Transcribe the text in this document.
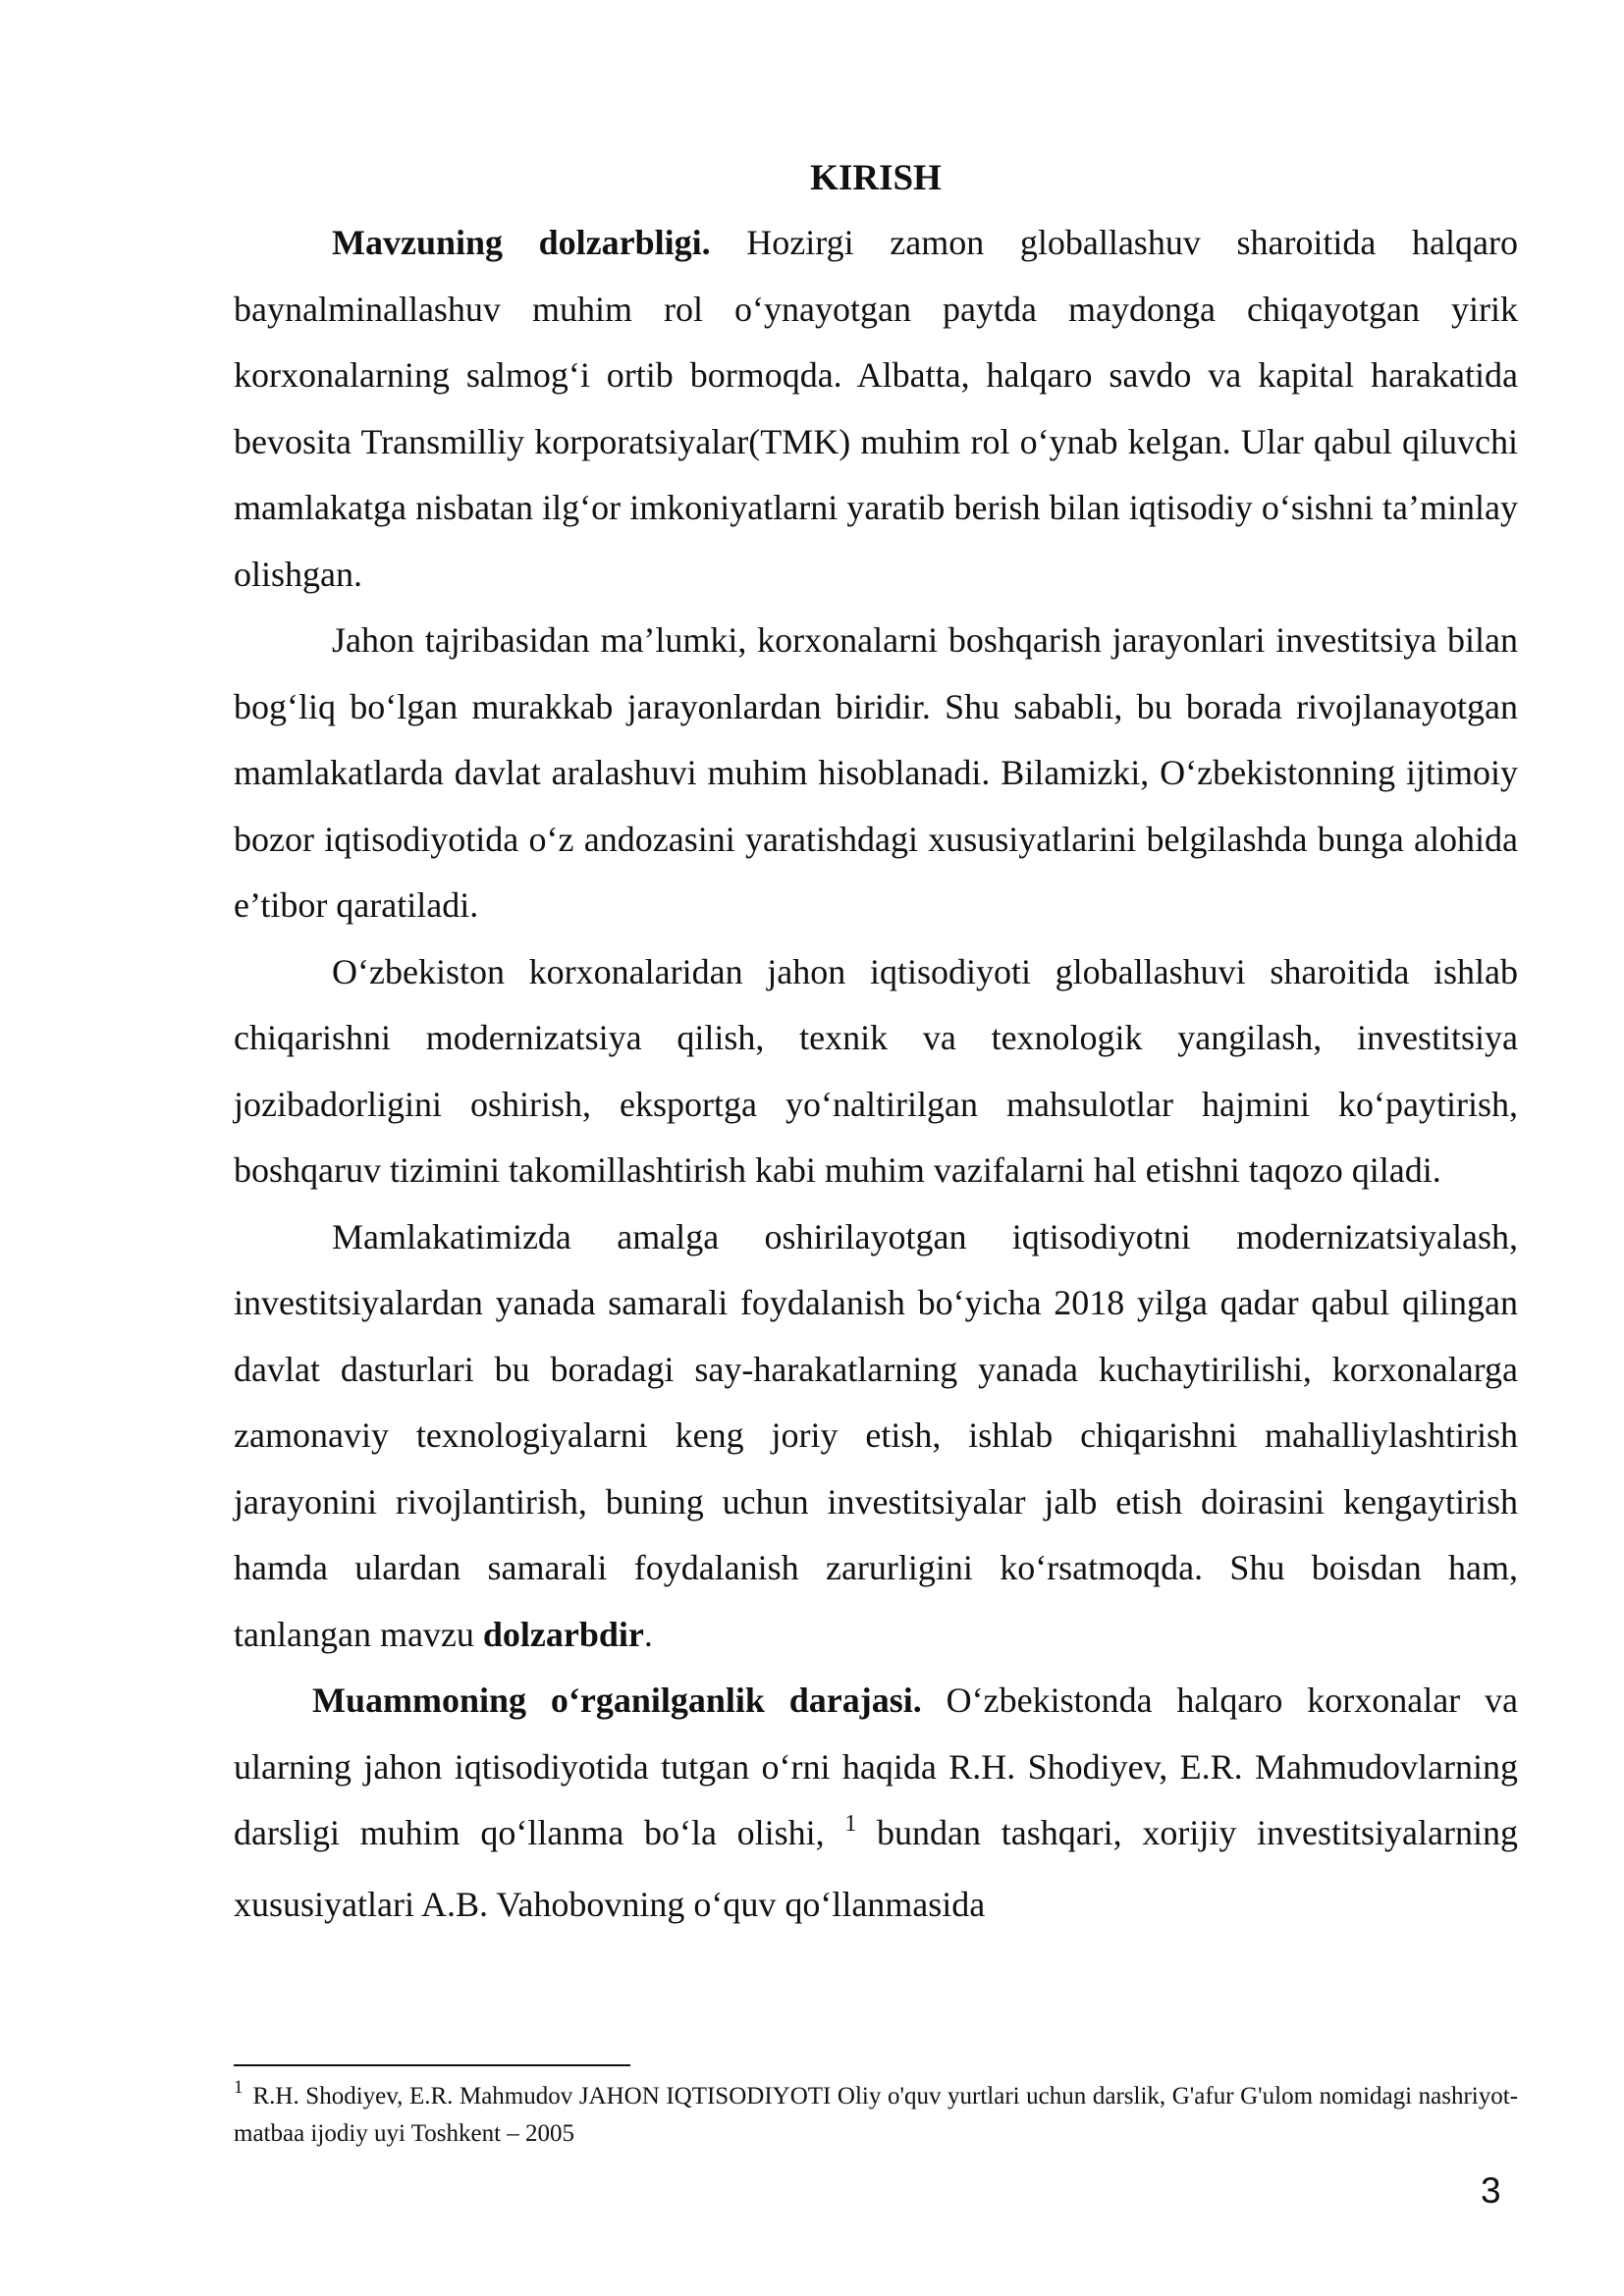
KIRISH

Mavzuning dolzarbligi. Hozirgi zamon globallashuv sharoitida halqaro baynalminallashuv muhim rol o‘ynayotgan paytda maydonga chiqayotgan yirik korxonalarning salmog‘i ortib bormoqda. Albatta, halqaro savdo va kapital harakatida bevosita Transmilliy korporatsiyalar(TMK) muhim rol o‘ynab kelgan. Ular qabul qiluvchi mamlakatga nisbatan ilg‘or imkoniyatlarni yaratib berish bilan iqtisodiy o‘sishni ta’minlay olishgan.

Jahon tajribasidan ma’lumki, korxonalarni boshqarish jarayonlari investitsiya bilan bog‘liq bo‘lgan murakkab jarayonlardan biridir. Shu sababli, bu borada rivojlanayotgan mamlakatlarda davlat aralashuvi muhim hisoblanadi. Bilamizki, O‘zbekistonning ijtimoiy bozor iqtisodiyotida o‘z andozasini yaratishdagi xususiyatlarini belgilashda bunga alohida e’tibor qaratiladi.

O‘zbekiston korxonalaridan jahon iqtisodiyoti globallashuvi sharoitida ishlab chiqarishni modernizatsiya qilish, texnik va texnologik yangilash, investitsiya jozibadorligini oshirish, eksportga yo‘naltirilgan mahsulotlar hajmini ko‘paytirish, boshqaruv tizimini takomillashtirish kabi muhim vazifalarni hal etishni taqozo qiladi.

Mamlakatimizda amalga oshirilayotgan iqtisodiyotni modernizatsiyalash, investitsiyalardan yanada samarali foydalanish bo‘yicha 2018 yilga qadar qabul qilingan davlat dasturlari bu boradagi say-harakatlarning yanada kuchaytirilishi, korxonalarga zamonaviy texnologiyalarni keng joriy etish, ishlab chiqarishni mahalliylashtirish jarayonini rivojlantirish, buning uchun investitsiyalar jalb etish doirasini kengaytirish hamda ulardan samarali foydalanish zarurligini ko‘rsatmoqda. Shu boisdan ham, tanlangan mavzu dolzarbdir.

Muammoning o‘rganilganlik darajasi. O‘zbekistonda halqaro korxonalar va ularning jahon iqtisodiyotida tutgan o‘rni haqida R.H. Shodiyev, E.R. Mahmudovlarning darsligi muhim qo‘llanma bo‘la olishi, $^1$ bundan tashqari, xorijiy investitsiyalarning xususiyatlari A.B. Vahobovning o‘quv qo‘llanmasida

$^1$ R.H. Shodiyev, E.R. Mahmudov JAHON IQTISODIYOTI Oliy o'quv yurtlari uchun darslik, G'afur G'ulom nomidagi nashriyot-matbaa ijodiy uyi Toshkent – 2005

3
